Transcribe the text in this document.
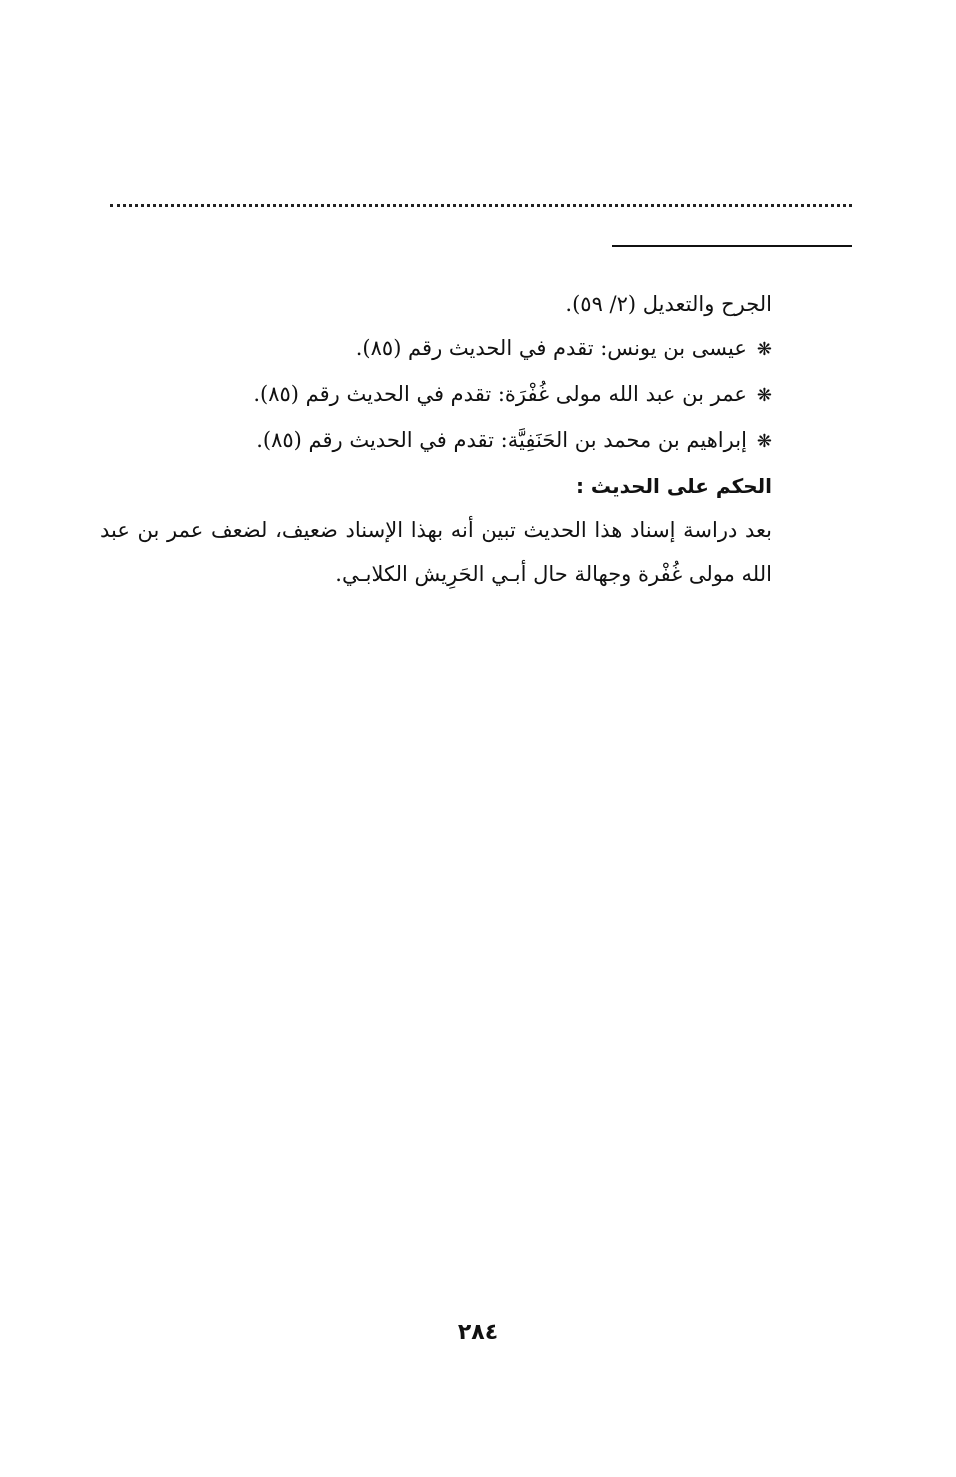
الجرح والتعديل (٢/ ٥٩).

❋عيسى بن يونس: تقدم في الحديث رقم (٨٥).

❋عمر بن عبد الله مولى غُفْرَة: تقدم في الحديث رقم (٨٥).

❋إبراهيم بن محمد بن الحَنَفِيَّة: تقدم في الحديث رقم (٨٥).

الحكم على الحديث :

بعد دراسة إسناد هذا الحديث تبين أنه بهذا الإسناد ضعيف، لضعف عمر بن عبد الله مولى غُفْرة وجهالة حال أبـي الحَرِيش الكلابـي.

٢٨٤
